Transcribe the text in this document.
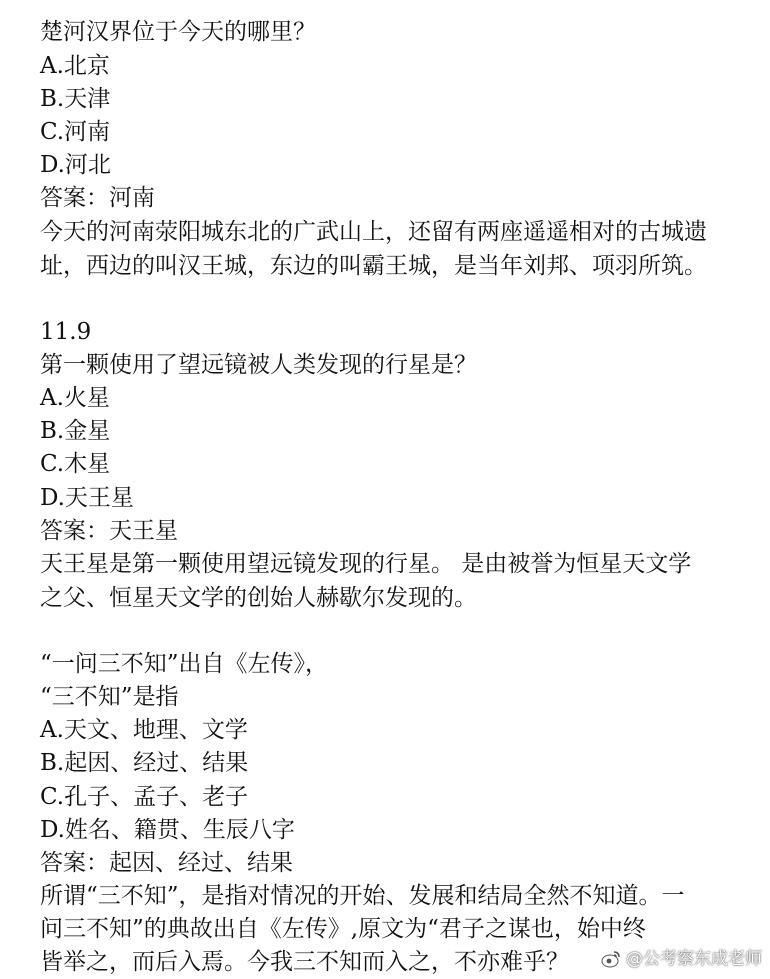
楚河汉界位于今天的哪里？
A.北京
B.天津
C.河南
D.河北
答案：河南
今天的河南荥阳城东北的广武山上，还留有两座遥遥相对的古城遗
址，西边的叫汉王城，东边的叫霸王城，是当年刘邦、项羽所筑。
11.9
第一颗使用了望远镜被人类发现的行星是？
A.火星
B.金星
C.木星
D.天王星
答案：天王星
天王星是第一颗使用望远镜发现的行星。 是由被誉为恒星天文学
之父、恒星天文学的创始人赫歇尔发现的。
“一问三不知”出自《左传》，
“三不知”是指
A.天文、地理、文学
B.起因、经过、结果
C.孔子、孟子、老子
D.姓名、籍贯、生辰八字
答案：起因、经过、结果
所谓“三不知”，是指对情况的开始、发展和结局全然不知道。一
问三不知”的典故出自《左传》,原文为“君子之谋也，始中终
皆举之，而后入焉。今我三不知而入之，不亦难乎？	@公考察东成老师
